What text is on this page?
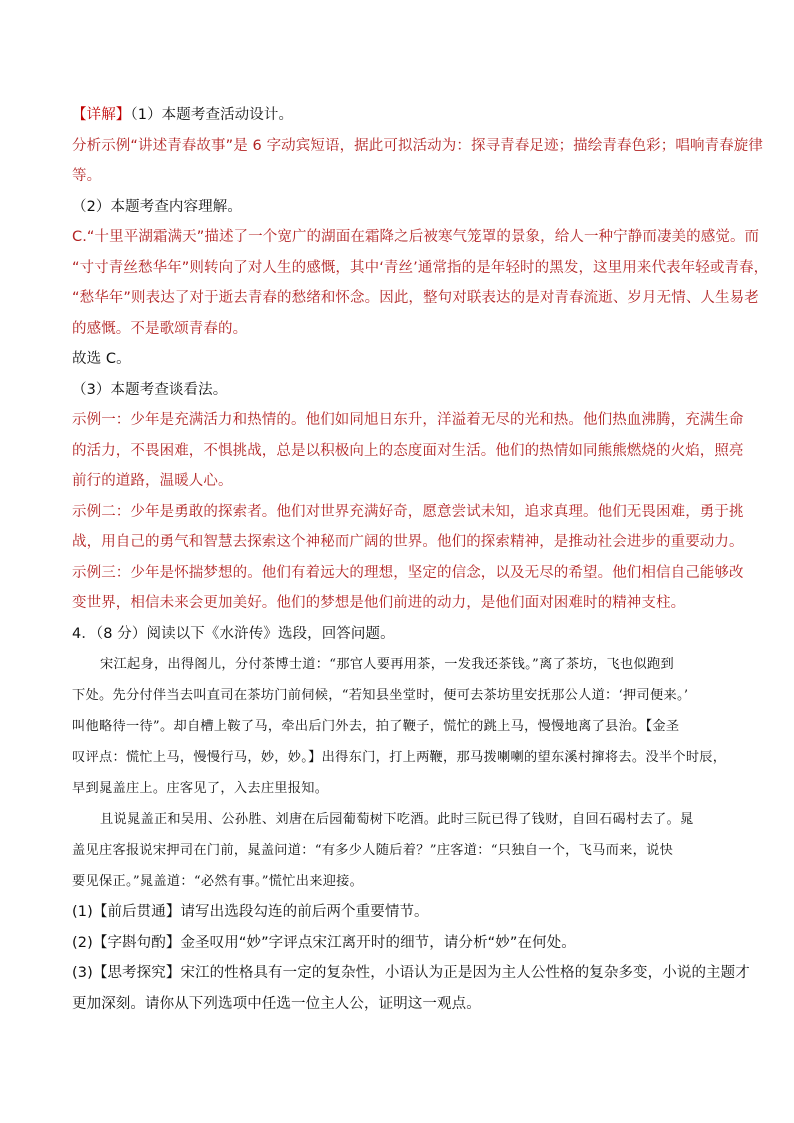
【详解】（1）本题考查活动设计。
分析示例“讲述青春故事”是 6 字动宾短语，据此可拟活动为：探寻青春足迹；描绘青春色彩；唱响青春旋律
等。
（2）本题考查内容理解。
C.“十里平湖霜满天”描述了一个宽广的湖面在霜降之后被寒气笼罩的景象，给人一种宁静而凄美的感觉。而
“寸寸青丝愁华年”则转向了对人生的感慨，其中‘青丝’通常指的是年轻时的黑发，这里用来代表年轻或青春，
“愁华年”则表达了对于逝去青春的愁绪和怀念。因此，整句对联表达的是对青春流逝、岁月无情、人生易老
的感慨。不是歌颂青春的。
故选 C。
（3）本题考查谈看法。
示例一：少年是充满活力和热情的。他们如同旭日东升，洋溢着无尽的光和热。他们热血沸腾，充满生命
的活力，不畏困难，不惧挑战，总是以积极向上的态度面对生活。他们的热情如同熊熊燃烧的火焰，照亮
前行的道路，温暖人心。
示例二：少年是勇敢的探索者。他们对世界充满好奇，愿意尝试未知，追求真理。他们无畏困难，勇于挑
战，用自己的勇气和智慧去探索这个神秘而广阔的世界。他们的探索精神，是推动社会进步的重要动力。
示例三：少年是怀揣梦想的。他们有着远大的理想，坚定的信念，以及无尽的希望。他们相信自己能够改
变世界，相信未来会更加美好。他们的梦想是他们前进的动力，是他们面对困难时的精神支柱。
4．（8 分）阅读以下《水浒传》选段，回答问题。
宋江起身，出得阁儿，分付茶博士道：“那官人要再用茶，一发我还茶钱。”离了茶坊，飞也似跑到
下处。先分付伴当去叫直司在茶坊门前伺候，“若知县坐堂时，便可去茶坊里安抚那公人道：‘押司便来。’
叫他略待一待”。却自槽上鞍了马，牵出后门外去，拍了鞭子，慌忙的跳上马，慢慢地离了县治。【金圣
叹评点：慌忙上马，慢慢行马，妙，妙。】出得东门，打上两鞭，那马拨喇喇的望东溪村撺将去。没半个时辰，
早到晁盖庄上。庄客见了，入去庄里报知。
且说晁盖正和吴用、公孙胜、刘唐在后园葡萄树下吃酒。此时三阮已得了钱财，自回石碣村去了。晁
盖见庄客报说宋押司在门前，晁盖问道：“有多少人随后着？”庄客道：“只独自一个，飞马而来，说快
要见保正。”晁盖道：“必然有事。”慌忙出来迎接。
(1)【前后贯通】请写出选段勾连的前后两个重要情节。
(2)【字斟句酌】金圣叹用“妙”字评点宋江离开时的细节，请分析“妙”在何处。
(3)【思考探究】宋江的性格具有一定的复杂性，小语认为正是因为主人公性格的复杂多变，小说的主题才
更加深刻。请你从下列选项中任选一位主人公，证明这一观点。
